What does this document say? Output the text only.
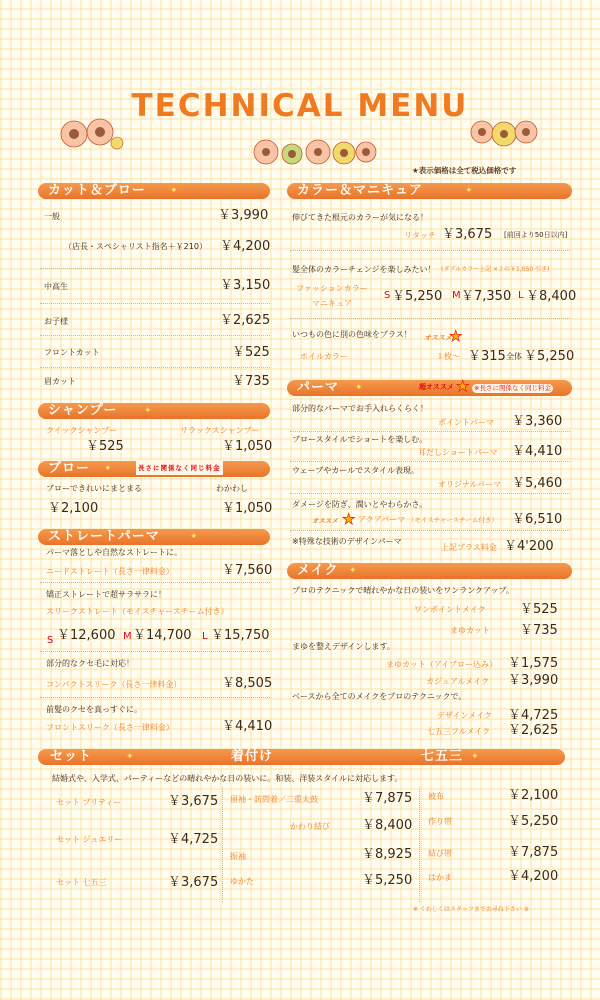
TECHNICAL MENU
★表示価格は全て税込価格です
カット＆ブロー	✦
一般	￥3,990
（店長・スペシャリスト指名＋￥210） ￥4,200
中高生	￥3,150
お子様	￥2,625
フロントカット	￥525
眉カット	￥735
シャンプー	✦
クイックシャンプー	リラックスシャンプー
￥525	￥1,050
ブロー ✦	長さに関係なく同じ料金
ブローできれいにまとまる	わかわし
￥2,100	￥1,050
ストレートパーマ	✦
パーマ落としや自然なストレートに。
ニードストレート（長さ一律料金）	￥7,560
矯正ストレートで超サラサラに！
スリークストレート（モイスチャースチーム付き）
S ￥12,600 M ￥14,700 L ￥15,750
部分的なクセ毛に対応！
コンパクトスリーク（長さ一律料金）	￥8,505
前髪のクセを真っすぐに。
フロントスリーク（長さ一律料金）	￥4,410
カラー＆マニキュア	✦
伸びてきた根元のカラーが気になる！
リタッチ ￥3,675 [前回より50日以内]
髪全体のカラーチェンジを楽しみたい！ (ダブルカラー上記 ×２の￥1,050 引き)
ファッションカラー
マニキュア
S ￥5,250 M ￥7,350 L ￥8,400
いつもの色に別の色味をプラス！ オススメ
★
ホイルカラー	１枚～ ￥315 全体 ￥5,250
パーマ ✦	超オススメ ★ ※長さに関係なく同じ料金
部分的なパーマでお手入れらくらく！
ポイントパーマ ￥3,360
ブロースタイルでショートを楽しむ。
耳だしショートパーマ ￥4,410
ウェーブやカールでスタイル表現。
オリジナルパーマ ￥5,460
ダメージを防ぎ、潤いとやわらかさ。
オススメ ★ アクアパーマ （モイスチャースチーム付き） ￥6,510
※特殊な技術のデザインパーマ
上記プラス料金 ￥4'200
メイク ✦
プロのテクニックで晴れやかな日の装いをワンランクアップ。
ワンポイントメイク	￥525
まゆカット ￥735
まゆを整えデザインします。
まゆカット（アイブロー込み） ￥1,575
カジュアルメイク ￥3,990
ベースから全てのメイクをプロのテクニックで。
デザインメイク ￥4,725
七五三フルメイク ￥2,625
セット	✦	着付け	七五三 ✦
結婚式や、入学式、パーティーなどの晴れやかな日の装いに。和装、洋装スタイルに対応します。
セット プリティー	￥3,675
セット ジュエリー	￥4,725
セット 七五三	￥3,675
留袖・訪問着／二重太鼓	￥7,875
かわり結び ￥8,400
振袖	￥8,925
ゆかた	￥5,250
被布	￥2,100
作り帯	￥5,250
結び帯	￥7,875
はかま	￥4,200
※ くわしくはスタッフまでお尋ね下さい ※
